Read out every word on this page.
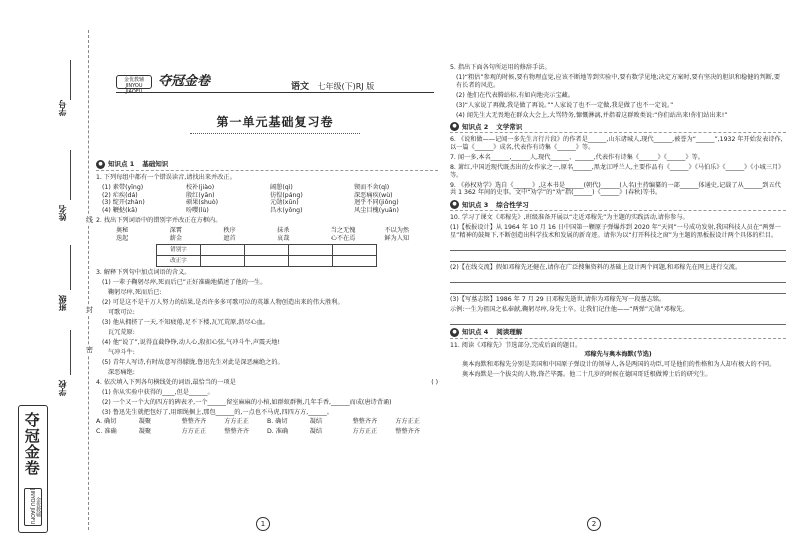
学号
姓名
班级
学校
线
封
密
夺冠金卷
金优教辅 JINYOU JIAOFU
金优教辅
JINYOU JIAOFU
夺冠金卷	语文 七年级(下)RJ 版
第一单元基础复习卷
● 知识点 1 基础知识

1. 下列每组中都有一个错误读音,请找出来并改正。

(1) 素带(yīng)	校补(jiào)	阔憩(qì)	锲而不舍(qì)
(2) 疟疾(dá)	殷红(yān)	彷徨(páng)	深恶痛疾(wù)
(3) 绽开(zhàn)	硕果(shuò)	元勋(xūn)	迥乎不同(jiǒng)
(4) 鞭挞(kā)	吩嘤(lù)	昌永(yǒng)	风尘目槐(yuān)

2. 找出下列词语中的错别字并改正在方框内。

奥秘	深霄	秩序	抹杀	当之无愧	不以为然
迭起	薪金	遮首	哀哉	心不在焉	鲜为人知
错别字				
改正字				

3. 解释下列句中加点词语的含义。

(1) 一辈子鞠躬尽瘁,死而后已”正好准确地描述了他的一生。

鞠躬尽瘁,死而后已:

(2) 可是这不是千万人努力的结果,是否许多多可歌可泣的英雄人物创造出来的伟大胜利。

可歌可泣:

(3) 他从拥挤了一天,不知疲倦,足不下楼,瓦冗荒原,沥尽心血。

瓦冗荒原:

(4) 他“说了”,说得直截铮铮,动人心,殷扣心弦,气冲斗牛,声震天地!

气冲斗牛:

(5) 青年人写诗,有时故意写得朦胧,鲁迅先生对此是深恶痛绝之的。

深恶痛绝:

4. 依次填入下列各句横线处的词语,最恰当的一项是	( )

(1) 你从实验中获得的____,但是______。

(2) 一个又一个大的四方的碑表矛,一个______留室麻麻的小棺,如群蚁群衡,几年手香,______而成(唐诗背诵)

(3) 鲁迅先生就把包好了,用细绳捆上,那包______的,一点也不马虎,四四方方,______。

A. 确切	凝聚	整整齐齐	方方正正	B. 确切	凝结	整整齐齐	方方正正
C. 准确	凝聚	方方正正	整整齐齐	D. 准确	凝结	方方正正	整整齐齐
1

5. 指出下面各句所运用的修辞手法。

(1)“粗估”参观的时候,要有物理直觉,应该不断地等到实验中,要有数学见地;决定方案时,要有坚决的胆识和稳健的判断,要有长者的风范。

(2) 他们在代表腾站标,有如向地壳示宝藏。

(3)“人家说了再做,我是做了再说。”“人家说了也不一定做,我是做了也不一定说。”

(4) 闻先生大无畏地在群众大会上,大骂特务,慷慨淋漓,并指着这群败类说:“你们站出来!你们站出来!”

● 知识点 2 文学常识

6. 《说和做——记闻一多先生言行片段》的作者是______,山东诸城人,现代______,被誉为“______”,1932 年开始发表诗作,以一篇《______》成名,代表作有诗集《______》等。

7. 闻一多,本名______,______人,现代______、______,代表作有诗集《______》《______》等。

8. 萧红,中国近现代既杰出的女作家之一,原名______,黑龙江呼兰人,主要作品有《______》《马伯乐》《______》《小城三月》等。

9. 《孙权劝学》选自《______》,这本书是______(朝代)______(人名)主持编纂的一部______体通史,记载了从______到五代共 1 362 年间的史事。文中“劝学”的“劝”指(______)《______》(春秋)等书。

● 知识点 3 综合性学习

10. 学习了课文《邓稼先》,班级准备开展以“走近邓稼先”为主题的实践活动,请你参与。

(1)【板报设计】从 1964 年 10 月 16 日中国第一颗原子弹爆炸到 2020 年“天问”一号成功发射,我国科技人员在“两弹一星”精神的鼓舞下,不断创造出科学技术和发展的新奇迹。请你为以“打开科技之窗”为主题的黑板报设计两个具体的栏目。

(2)【在线交流】假如邓稼先还健在,请你在广泛搜集资料的基础上设计两个问题,和邓稼先在网上进行交流。

(3)【写墓志铭】1986 年 7 月 29 日邓稼先逝世,请你为邓稼先写一段墓志铭。

示例:一生为祖国之私奉献,鞠躬尽瘁,身先士卒。让我们记住他——“两弹”元勋”邓稼先。

● 知识点 4 阅读理解

11. 阅读《邓稼先》节选部分,完成后面的题目。

邓稼先与奥本海默(节选)

奥本海默和邓稼先分别是美国和中国原子弹设计的领导人,各是两国的功臣,可是他们的性格和为人却有极大的不同。

奥本海默是一个拔尖的人物,锋芒毕露。他二十几岁的时候在德国哥廷根做博士后的研究生。

2
